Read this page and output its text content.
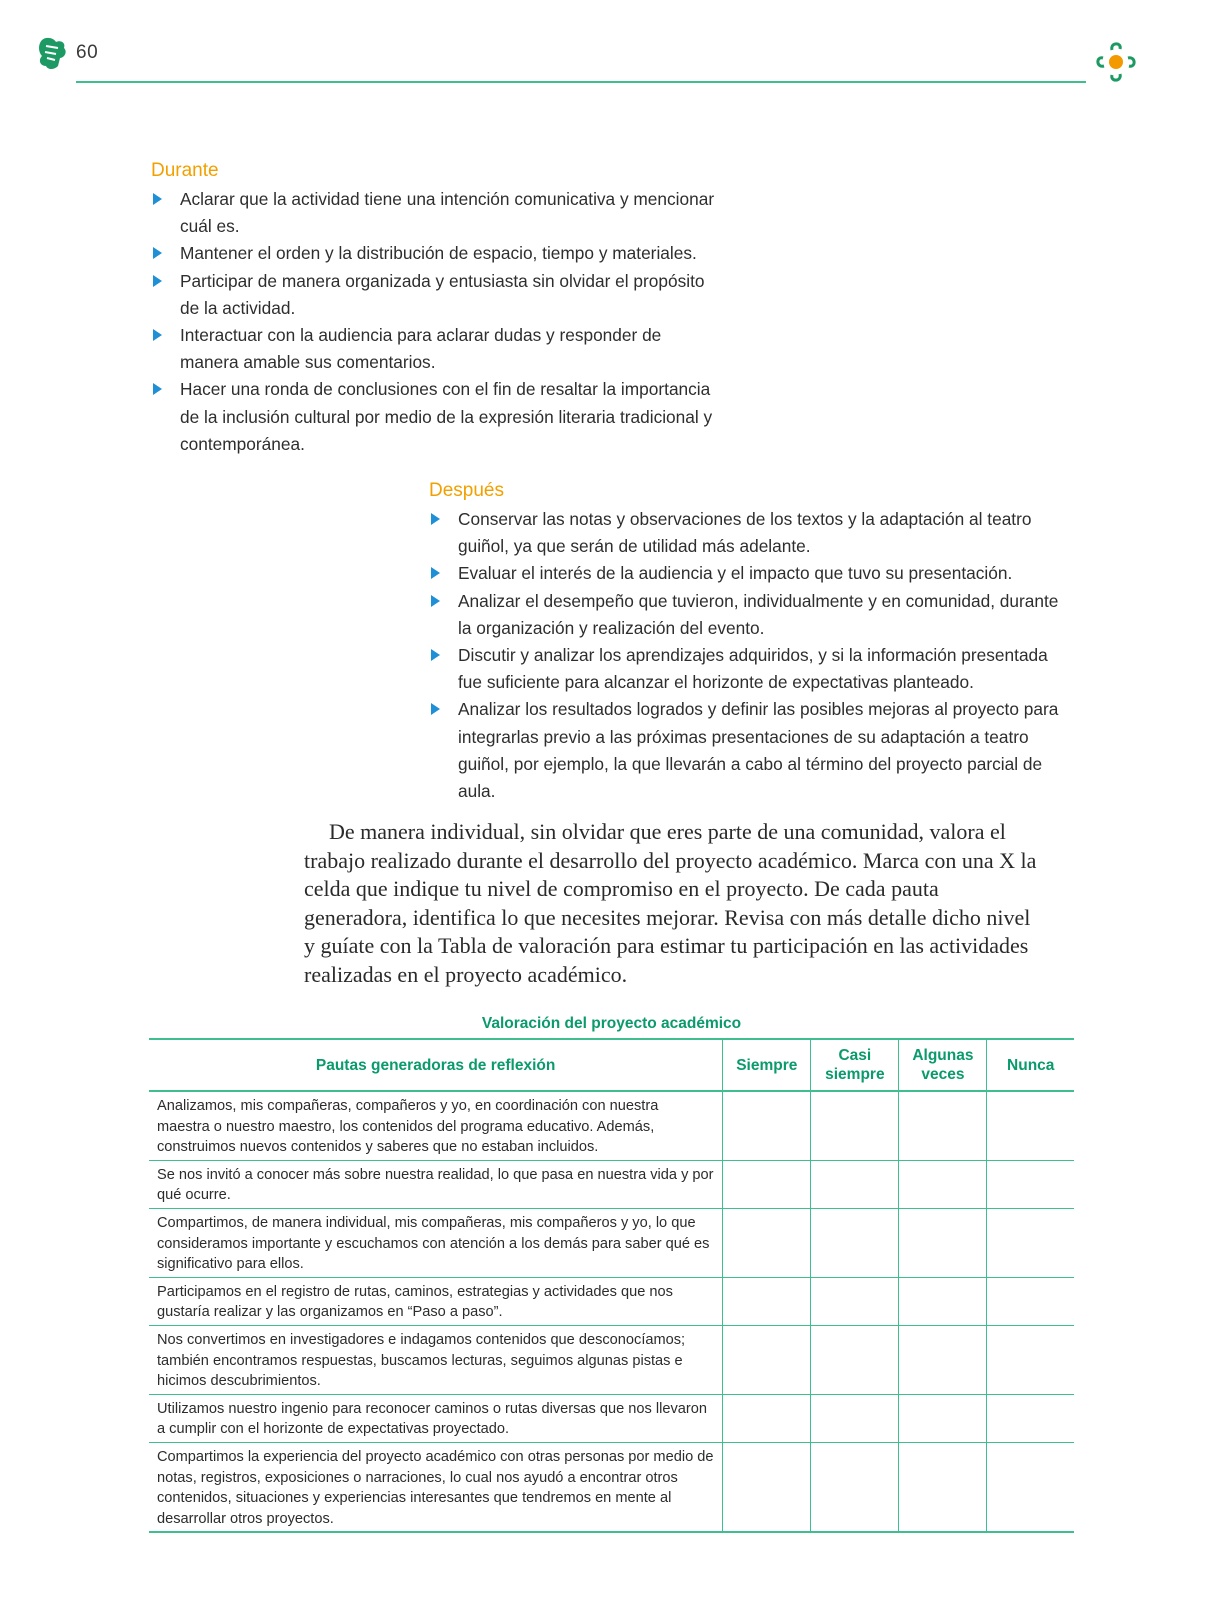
60
Durante
Aclarar que la actividad tiene una intención comunicativa y mencionar cuál es.
Mantener el orden y la distribución de espacio, tiempo y materiales.
Participar de manera organizada y entusiasta sin olvidar el propósito de la actividad.
Interactuar con la audiencia para aclarar dudas y responder de manera amable sus comentarios.
Hacer una ronda de conclusiones con el fin de resaltar la importancia de la inclusión cultural por medio de la expresión literaria tradicional y contemporánea.
Después
Conservar las notas y observaciones de los textos y la adaptación al teatro guiñol, ya que serán de utilidad más adelante.
Evaluar el interés de la audiencia y el impacto que tuvo su presentación.
Analizar el desempeño que tuvieron, individualmente y en comunidad, durante la organización y realización del evento.
Discutir y analizar los aprendizajes adquiridos, y si la información presentada fue suficiente para alcanzar el horizonte de expectativas planteado.
Analizar los resultados logrados y definir las posibles mejoras al proyecto para integrarlas previo a las próximas presentaciones de su adaptación a teatro guiñol, por ejemplo, la que llevarán a cabo al término del proyecto parcial de aula.

De manera individual, sin olvidar que eres parte de una comunidad, valora el trabajo realizado durante el desarrollo del proyecto académico. Marca con una X la celda que indique tu nivel de compromiso en el proyecto. De cada pauta generadora, identifica lo que necesites mejorar. Revisa con más detalle dicho nivel y guíate con la Tabla de valoración para estimar tu participación en las actividades realizadas en el proyecto académico.

Valoración del proyecto académico
Pautas generadoras de reflexión	Siempre	Casi siempre	Algunas veces	Nunca
Analizamos, mis compañeras, compañeros y yo, en coordinación con nuestra maestra o nuestro maestro, los contenidos del programa educativo. Además, construimos nuevos contenidos y saberes que no estaban incluidos.				
Se nos invitó a conocer más sobre nuestra realidad, lo que pasa en nuestra vida y por qué ocurre.				
Compartimos, de manera individual, mis compañeras, mis compañeros y yo, lo que consideramos importante y escuchamos con atención a los demás para saber qué es significativo para ellos.				
Participamos en el registro de rutas, caminos, estrategias y actividades que nos gustaría realizar y las organizamos en “Paso a paso”.				
Nos convertimos en investigadores e indagamos contenidos que desconocíamos; también encontramos respuestas, buscamos lecturas, seguimos algunas pistas e hicimos descubrimientos.				
Utilizamos nuestro ingenio para reconocer caminos o rutas diversas que nos llevaron a cumplir con el horizonte de expectativas proyectado.				
Compartimos la experiencia del proyecto académico con otras personas por medio de notas, registros, exposiciones o narraciones, lo cual nos ayudó a encontrar otros contenidos, situaciones y experiencias interesantes que tendremos en mente al desarrollar otros proyectos.				
